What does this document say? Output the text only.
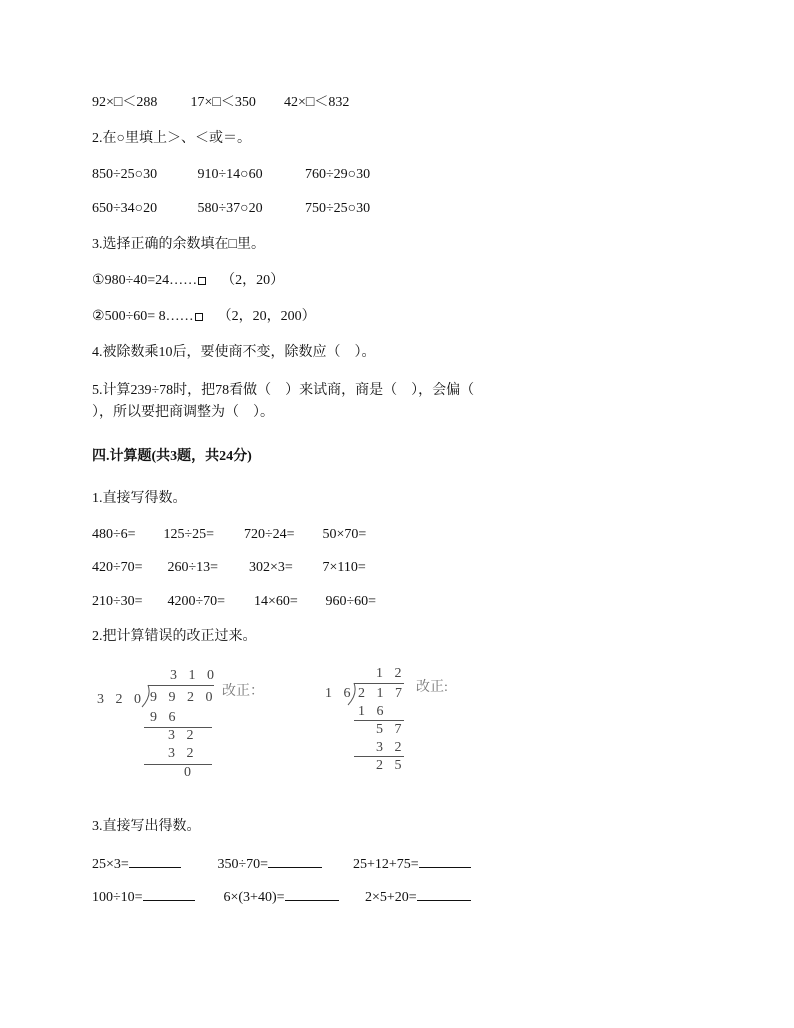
92×□＜288 17×□＜350 42×□＜832
2.在○里填上＞、＜或＝。
850÷25○30	910÷14○60	760÷29○30
650÷34○20	580÷37○20	750÷25○30
3.选择正确的余数填在□里。
①980÷40=24…… （2，20）
②500÷60= 8…… （2，20，200）
4.被除数乘10后，要使商不变，除数应（    ）。
5.计算239÷78时，把78看做（    ）来试商，商是（    ），会偏（
），所以要把商调整为（    ）。
四.计算题(共3题，共24分)
1.直接写得数。
480÷6= 125÷25= 720÷24= 50×70=
420÷70= 260÷13= 302×3= 7×110=
210÷30= 4200÷70= 14×60= 960÷60=
2.把计算错误的改正过来。
3 1 0
3 2 0 9 9 2 0
9 6
3 2
3 2
0
改正：
1 2
1 6 2 1 7
1 6
5 7
3 2
2 5
改正:
3.直接写出得数。
25×3=	350÷70=	25+12+75=
100÷10=	6×(3+40)=	2×5+20=
